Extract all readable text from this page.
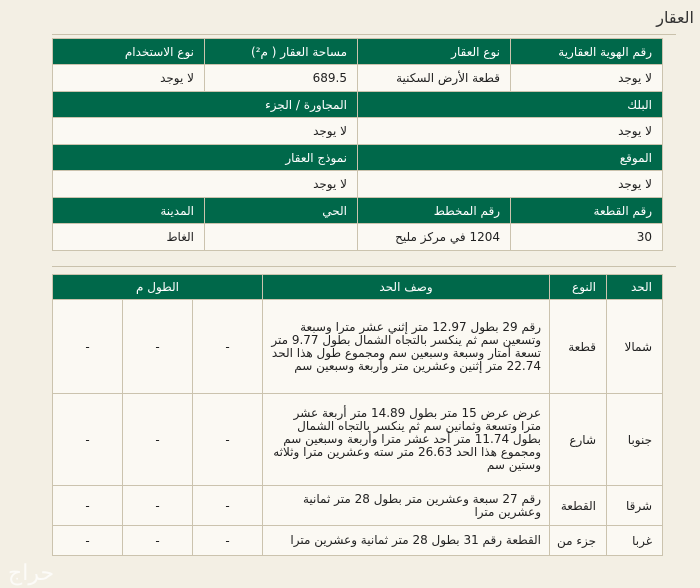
العقار
رقم الهوية العقارية	نوع العقار	مساحة العقار ( م²)	نوع الاستخدام
لا يوجد	قطعة الأرض السكنية	689.5	لا يوجد
البلك		المجاورة / الجزء	
لا يوجد		لا يوجد	
الموقع		نموذج العقار	
لا يوجد		لا يوجد	
رقم القطعة	رقم المخطط	الحي	المدينة
30	1204 في مركز مليح		الغاط
الحد	النوع	وصف الحد	الطول م		
شمالا	قطعة	رقم 29 بطول 12.97 متر إثني عشر مترا وسبعة وتسعين سم ثم ينكسر بالتجاه الشمال بطول 9.77 متر تسعة أمتار وسبعة وسبعين سم ومجموع طول هذا الحد 22.74 متر إثنين وعشرين متر وأربعة وسبعين سم	-	-	-
جنوبا	شارع	عرض عرض 15 متر بطول 14.89 متر أربعة عشر مترا وتسعة وثمانين سم ثم ينكسر بالتجاه الشمال بطول 11.74 متر أحد عشر مترا وأربعة وسبعين سم ومجموع هذا الحد 26.63 متر سته وعشرين مترا وثلاثه وستين سم	-	-	-
شرقا	القطعة	رقم 27 سبعة وعشرين متر بطول 28 متر ثمانية وعشرين مترا	-	-	-
غربا	جزء من	القطعة رقم 31 بطول 28 متر ثمانية وعشرين مترا	-	-	-
حراج
